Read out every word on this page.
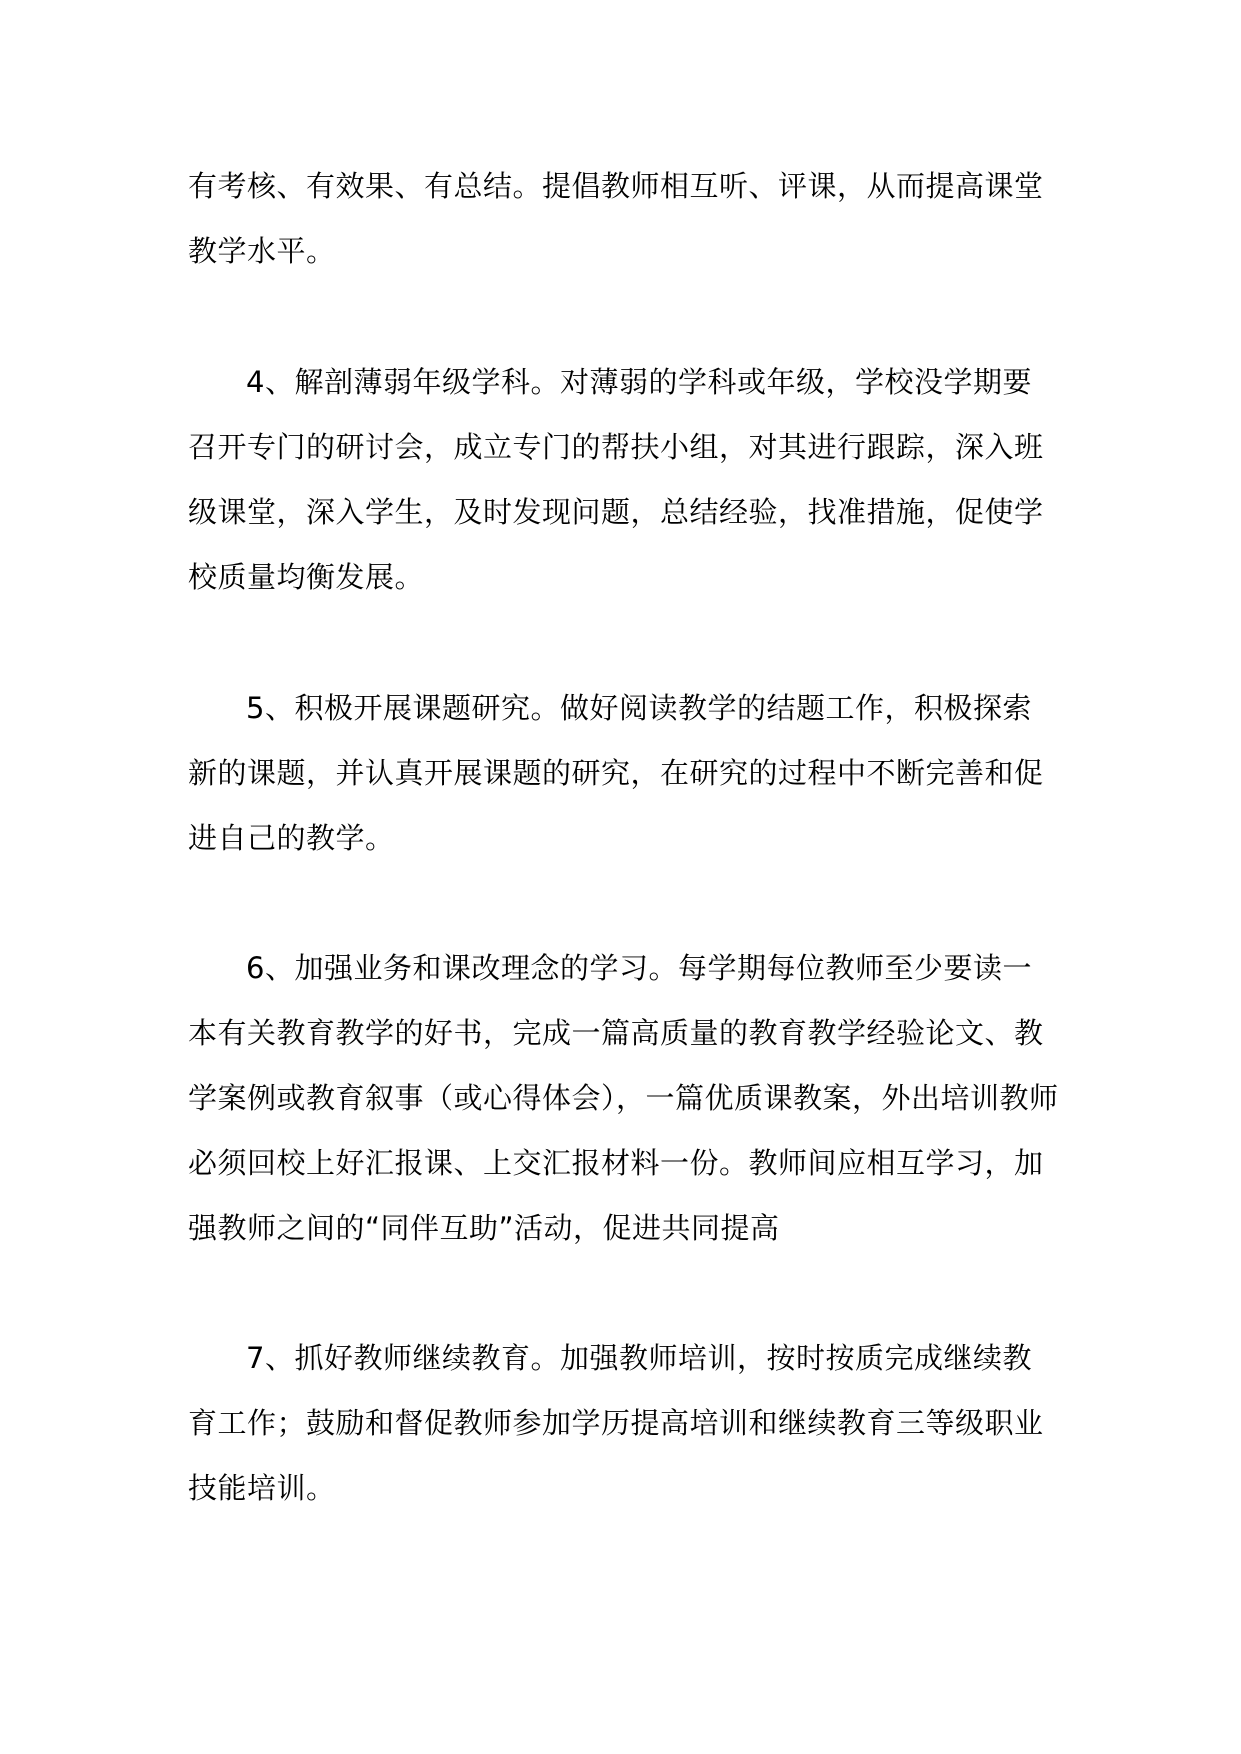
有考核、有效果、有总结。提倡教师相互听、评课，从而提高课堂教学水平。

4、解剖薄弱年级学科。对薄弱的学科或年级，学校没学期要召开专门的研讨会，成立专门的帮扶小组，对其进行跟踪，深入班级课堂，深入学生，及时发现问题，总结经验，找准措施，促使学校质量均衡发展。

5、积极开展课题研究。做好阅读教学的结题工作，积极探索新的课题，并认真开展课题的研究，在研究的过程中不断完善和促进自己的教学。

6、加强业务和课改理念的学习。每学期每位教师至少要读一本有关教育教学的好书，完成一篇高质量的教育教学经验论文、教学案例或教育叙事（或心得体会），一篇优质课教案，外出培训教师必须回校上好汇报课、上交汇报材料一份。教师间应相互学习，加强教师之间的“同伴互助”活动，促进共同提高

7、抓好教师继续教育。加强教师培训，按时按质完成继续教育工作；鼓励和督促教师参加学历提高培训和继续教育三等级职业技能培训。
